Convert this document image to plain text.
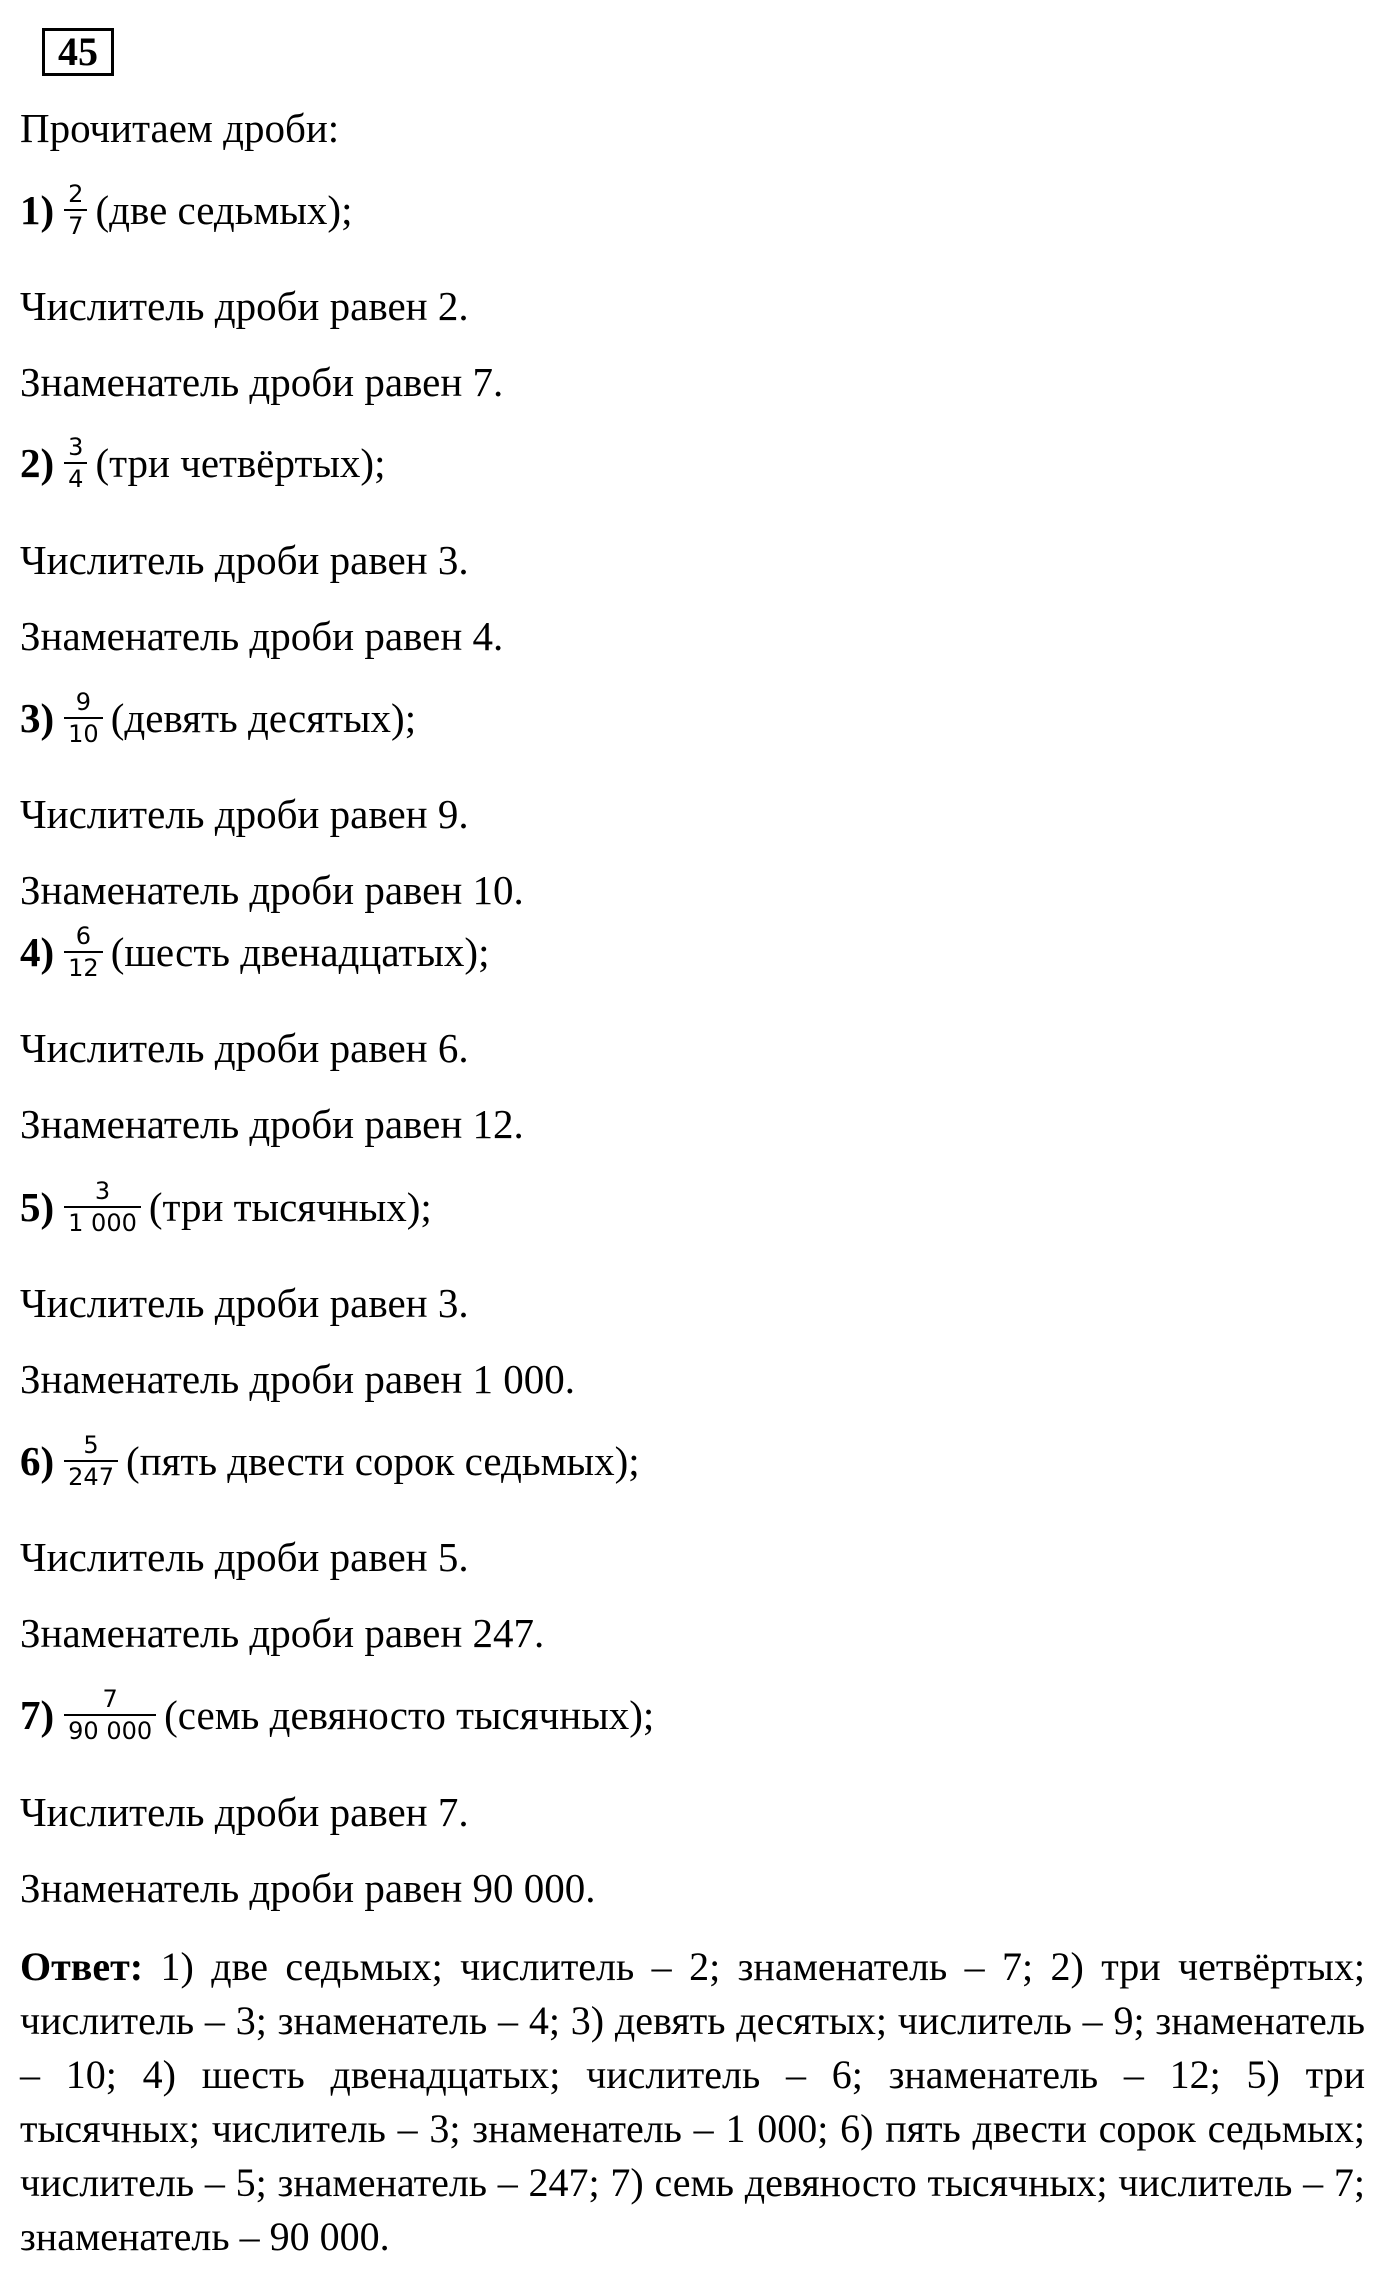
45
Прочитаем дроби:
$1) \frac{2}{7} (две$ седьмых);
Числитель дроби равен 2.
Знаменатель дроби равен 7.
$2) \frac{3}{4} (три$ четвёртых);
Числитель дроби равен 3.
Знаменатель дроби равен 4.
$3) \frac{9}{10}$ (девять десятых);
Числитель дроби равен 9.
Знаменатель дроби равен 10.
$4) \frac{6}{12}$ (шесть двенадцатых);
Числитель дроби равен 6.
Знаменатель дроби равен 12.
$5) \frac{3}{1 000} (три$ тысячных);
Числитель дроби равен 3.
Знаменатель дроби равен 1 000.
$6) \frac{5}{247}$ (пять двести сорок седьмых);
Числитель дроби равен 5.
Знаменатель дроби равен 247.
$7) \frac{7}{90 000}$ (семь девяносто тысячных);
Числитель дроби равен 7.
Знаменатель дроби равен 90 000.
Ответ: 1) две седьмых; числитель – 2; знаменатель – 7; 2) три четвёртых; числитель – 3; знаменатель – 4; 3) девять десятых; числитель – 9; знаменатель – 10; 4) шесть двенадцатых; числитель – 6; знаменатель – 12; 5) три тысячных; числитель – 3; знаменатель – 1 000; 6) пять двести сорок седьмых; числитель – 5; знаменатель – 247; 7) семь девяносто тысячных; числитель – 7; знаменатель – 90 000.
